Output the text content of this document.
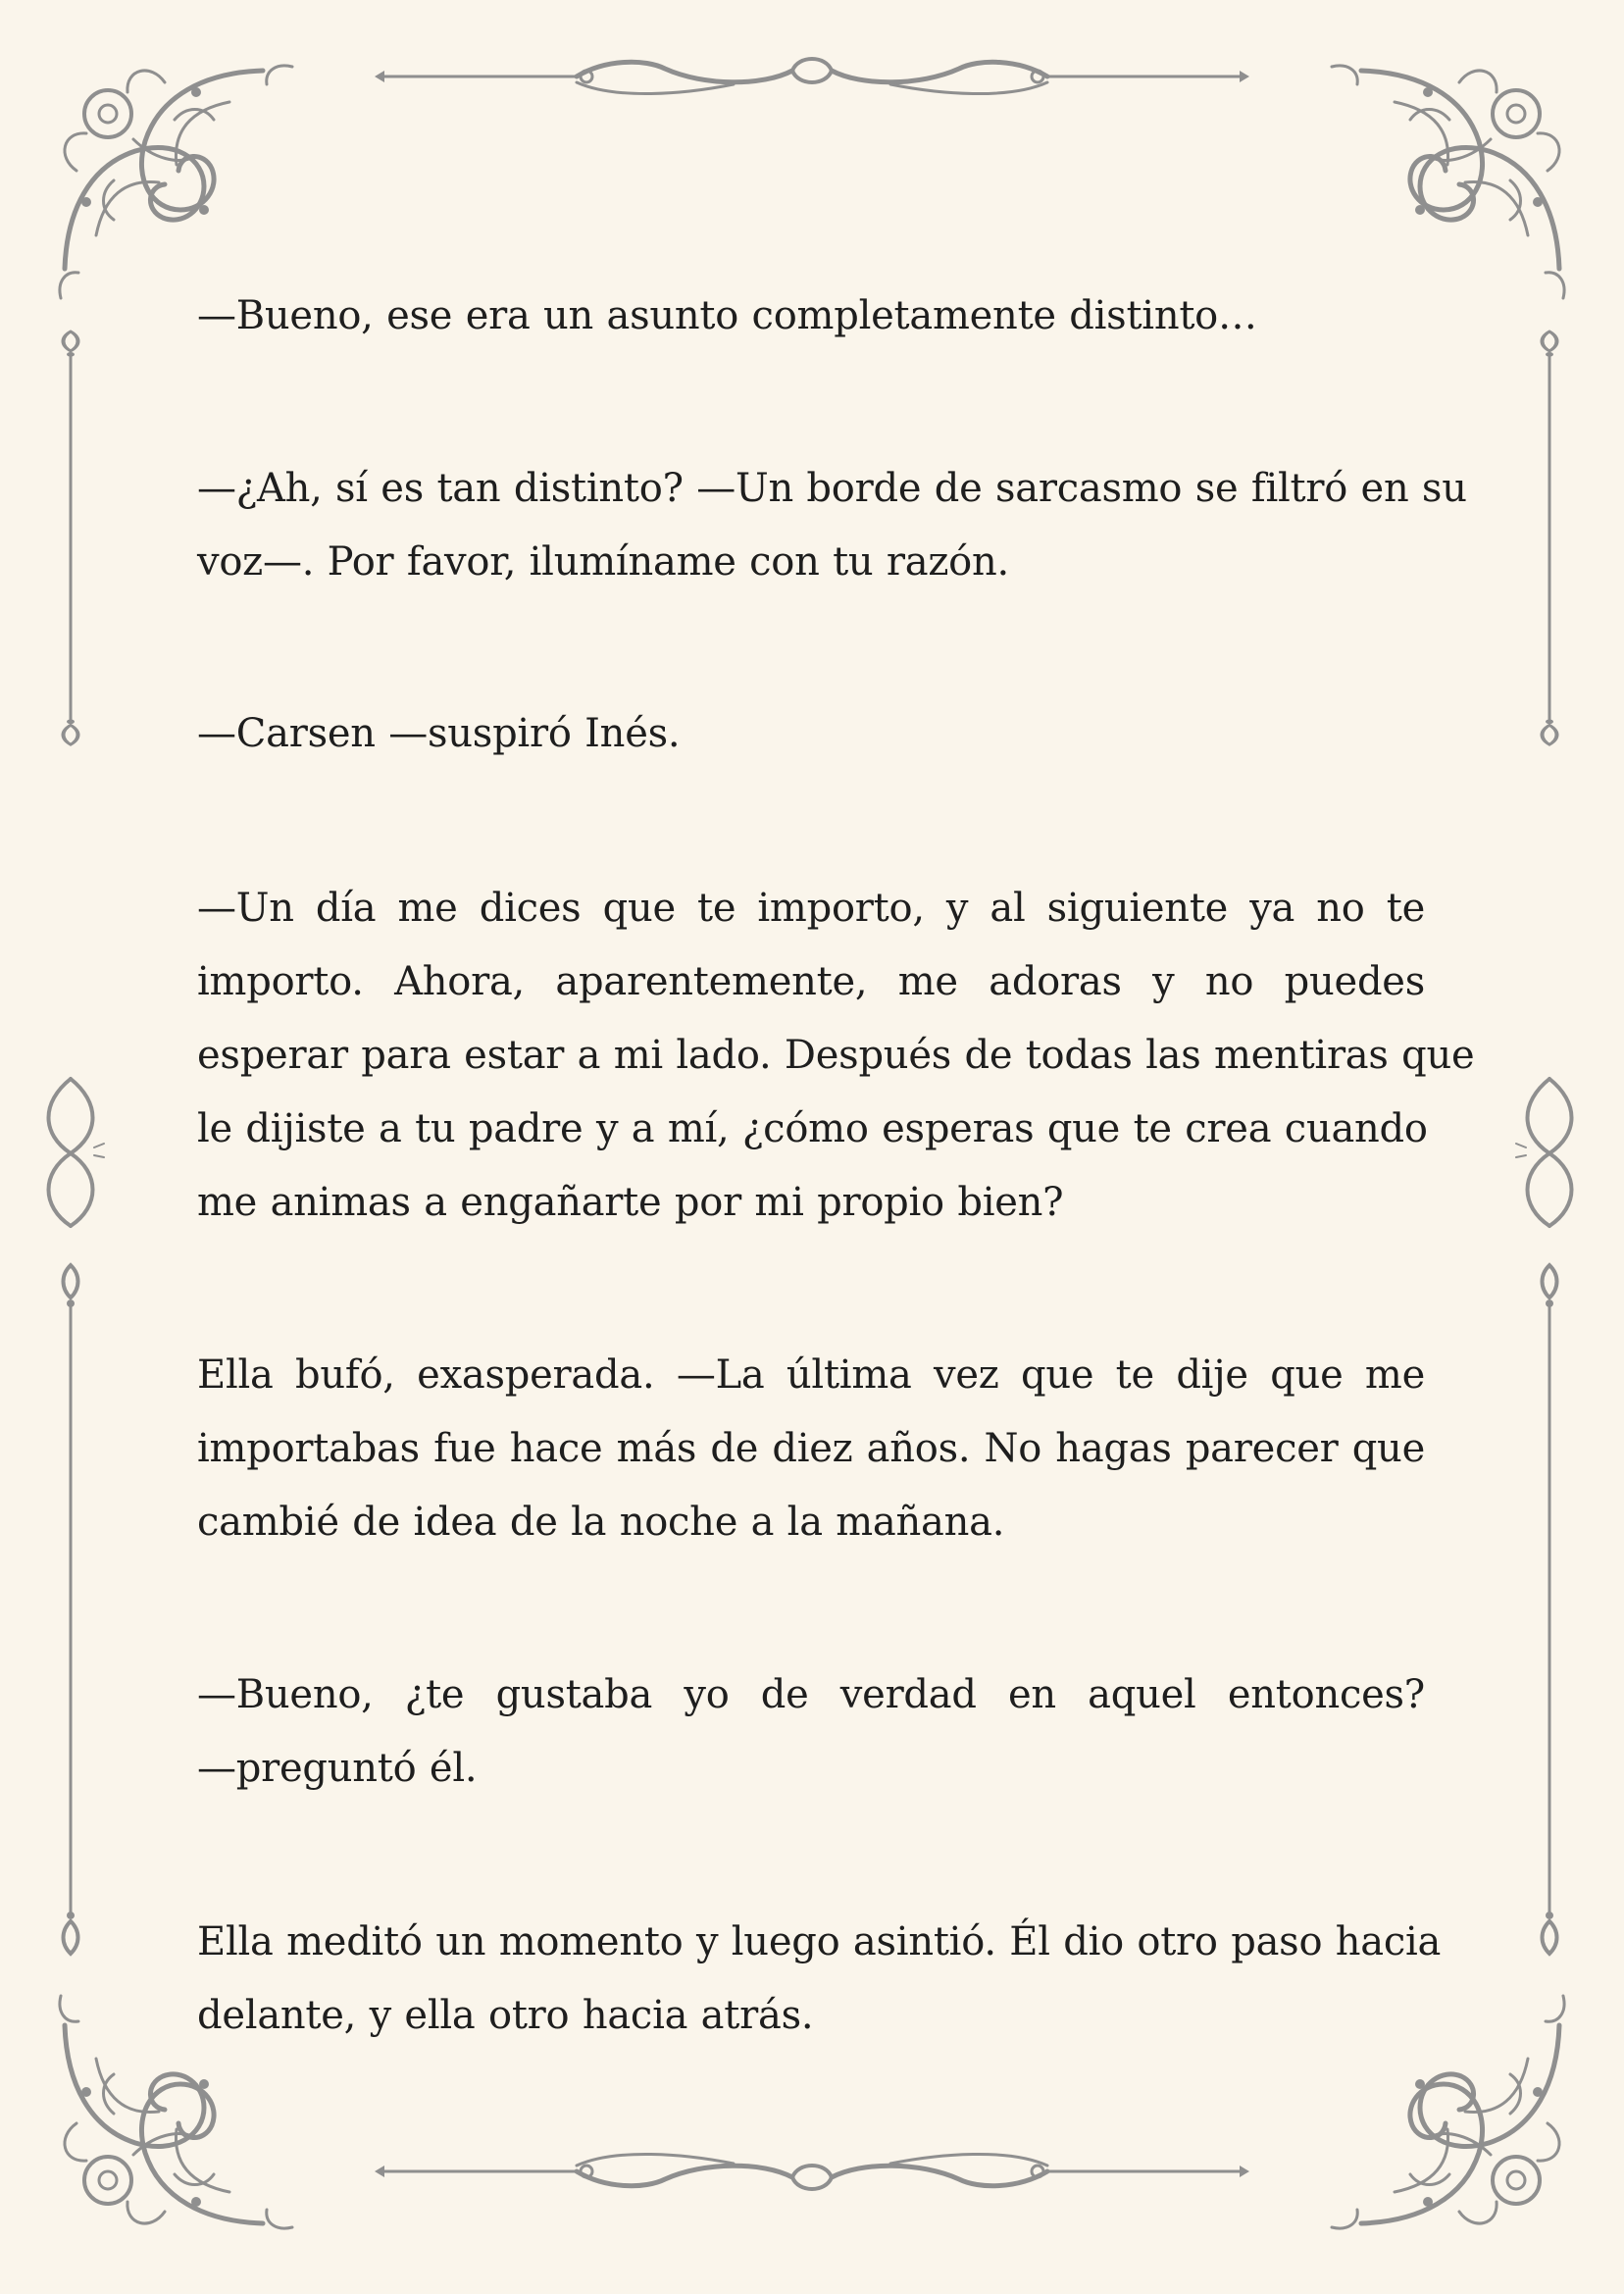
—Bueno, ese era un asunto completamente distinto…
—¿Ah, sí es tan distinto? —Un borde de sarcasmo se filtró en su
voz—. Por favor, ilumíname con tu razón.
—Carsen —suspiró Inés.
—Un día me dices que te importo, y al siguiente ya no te
importo. Ahora, aparentemente, me adoras y no puedes
esperar para estar a mi lado. Después de todas las mentiras que
le dijiste a tu padre y a mí, ¿cómo esperas que te crea cuando
me animas a engañarte por mi propio bien?
Ella bufó, exasperada. —La última vez que te dije que me
importabas fue hace más de diez años. No hagas parecer que
cambié de idea de la noche a la mañana.
—Bueno, ¿te gustaba yo de verdad en aquel entonces?
—preguntó él.
Ella meditó un momento y luego asintió. Él dio otro paso hacia
delante, y ella otro hacia atrás.
